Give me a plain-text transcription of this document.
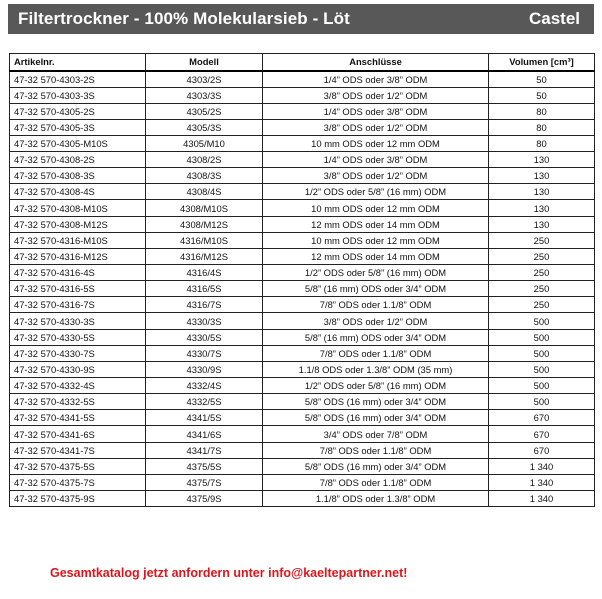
Filtertrockner - 100% Molekularsieb - Löt	Castel
Artikelnr.	Modell	Anschlüsse	Volumen [cm³]
47-32 570-4303-2S	4303/2S	1/4” ODS oder 3/8” ODM	50
47-32 570-4303-3S	4303/3S	3/8” ODS oder 1/2” ODM	50
47-32 570-4305-2S	4305/2S	1/4” ODS oder 3/8” ODM	80
47-32 570-4305-3S	4305/3S	3/8” ODS oder 1/2” ODM	80
47-32 570-4305-M10S	4305/M10	10 mm ODS oder 12 mm ODM	80
47-32 570-4308-2S	4308/2S	1/4” ODS oder 3/8” ODM	130
47-32 570-4308-3S	4308/3S	3/8” ODS oder 1/2” ODM	130
47-32 570-4308-4S	4308/4S	1/2” ODS oder 5/8” (16 mm) ODM	130
47-32 570-4308-M10S	4308/M10S	10 mm ODS oder 12 mm ODM	130
47-32 570-4308-M12S	4308/M12S	12 mm ODS oder 14 mm ODM	130
47-32 570-4316-M10S	4316/M10S	10 mm ODS oder 12 mm ODM	250
47-32 570-4316-M12S	4316/M12S	12 mm ODS oder 14 mm ODM	250
47-32 570-4316-4S	4316/4S	1/2” ODS oder 5/8” (16 mm) ODM	250
47-32 570-4316-5S	4316/5S	5/8” (16 mm) ODS oder 3/4” ODM	250
47-32 570-4316-7S	4316/7S	7/8” ODS oder 1.1/8” ODM	250
47-32 570-4330-3S	4330/3S	3/8” ODS oder 1/2” ODM	500
47-32 570-4330-5S	4330/5S	5/8” (16 mm) ODS oder 3/4” ODM	500
47-32 570-4330-7S	4330/7S	7/8” ODS oder 1.1/8” ODM	500
47-32 570-4330-9S	4330/9S	1.1/8 ODS oder 1.3/8” ODM (35 mm)	500
47-32 570-4332-4S	4332/4S	1/2” ODS oder 5/8” (16 mm) ODM	500
47-32 570-4332-5S	4332/5S	5/8” ODS (16 mm) oder 3/4” ODM	500
47-32 570-4341-5S	4341/5S	5/8” ODS (16 mm) oder 3/4” ODM	670
47-32 570-4341-6S	4341/6S	3/4” ODS oder 7/8” ODM	670
47-32 570-4341-7S	4341/7S	7/8” ODS oder 1.1/8” ODM	670
47-32 570-4375-5S	4375/5S	5/8” ODS (16 mm) oder 3/4” ODM	1 340
47-32 570-4375-7S	4375/7S	7/8” ODS oder 1.1/8” ODM	1 340
47-32 570-4375-9S	4375/9S	1.1/8” ODS oder 1.3/8” ODM	1 340
Gesamtkatalog jetzt anfordern unter info@kaeltepartner.net!
